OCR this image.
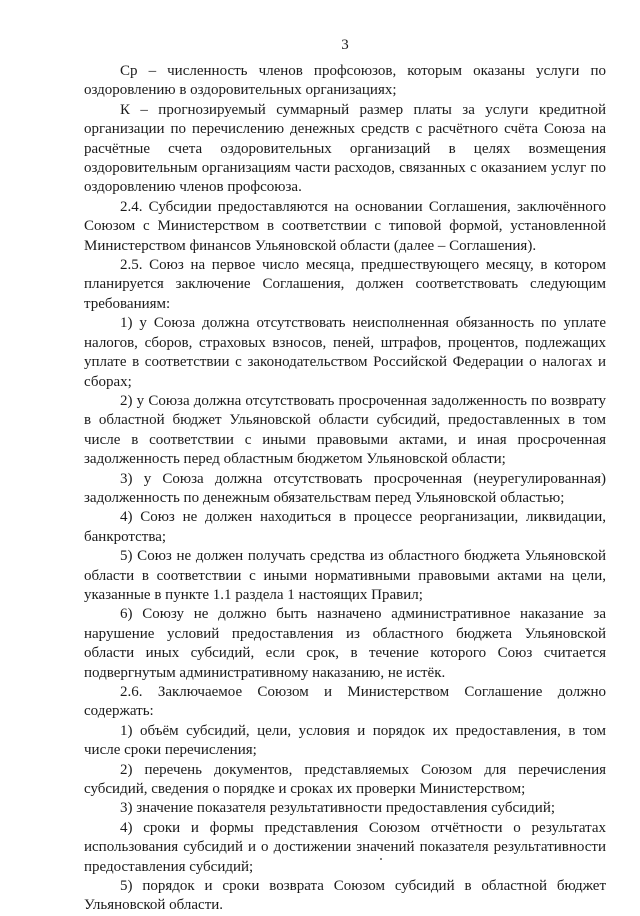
3

Ср – численность членов профсоюзов, которым оказаны услуги по оздоровлению в оздоровительных организациях;

К – прогнозируемый суммарный размер платы за услуги кредитной организации по перечислению денежных средств с расчётного счёта Союза на расчётные счета оздоровительных организаций в целях возмещения оздоровительным организациям части расходов, связанных с оказанием услуг по оздоровлению членов профсоюза.

2.4. Субсидии предоставляются на основании Соглашения, заключённого Союзом с Министерством в соответствии с типовой формой, установленной Министерством финансов Ульяновской области (далее – Соглашения).

2.5. Союз на первое число месяца, предшествующего месяцу, в котором планируется заключение Соглашения, должен соответствовать следующим требованиям:

1) у Союза должна отсутствовать неисполненная обязанность по уплате налогов, сборов, страховых взносов, пеней, штрафов, процентов, подлежащих уплате в соответствии с законодательством Российской Федерации о налогах и сборах;

2) у Союза должна отсутствовать просроченная задолженность по возврату в областной бюджет Ульяновской области субсидий, предоставленных в том числе в соответствии с иными правовыми актами, и иная просроченная задолженность перед областным бюджетом Ульяновской области;

3) у Союза должна отсутствовать просроченная (неурегулированная) задолженность по денежным обязательствам перед Ульяновской областью;

4) Союз не должен находиться в процессе реорганизации, ликвидации, банкротства;

5) Союз не должен получать средства из областного бюджета Ульяновской области в соответствии с иными нормативными правовыми актами на цели, указанные в пункте 1.1 раздела 1 настоящих Правил;

6) Союзу не должно быть назначено административное наказание за нарушение условий предоставления из областного бюджета Ульяновской области иных субсидий, если срок, в течение которого Союз считается подвергнутым административному наказанию, не истёк.

2.6. Заключаемое Союзом и Министерством Соглашение должно содержать:

1) объём субсидий, цели, условия и порядок их предоставления, в том числе сроки перечисления;

2) перечень документов, представляемых Союзом для перечисления субсидий, сведения о порядке и сроках их проверки Министерством;

3) значение показателя результативности предоставления субсидий;

4) сроки и формы представления Союзом отчётности о результатах использования субсидий и о достижении значений показателя результативности предоставления субсидий;

5) порядок и сроки возврата Союзом субсидий в областной бюджет Ульяновской области.
